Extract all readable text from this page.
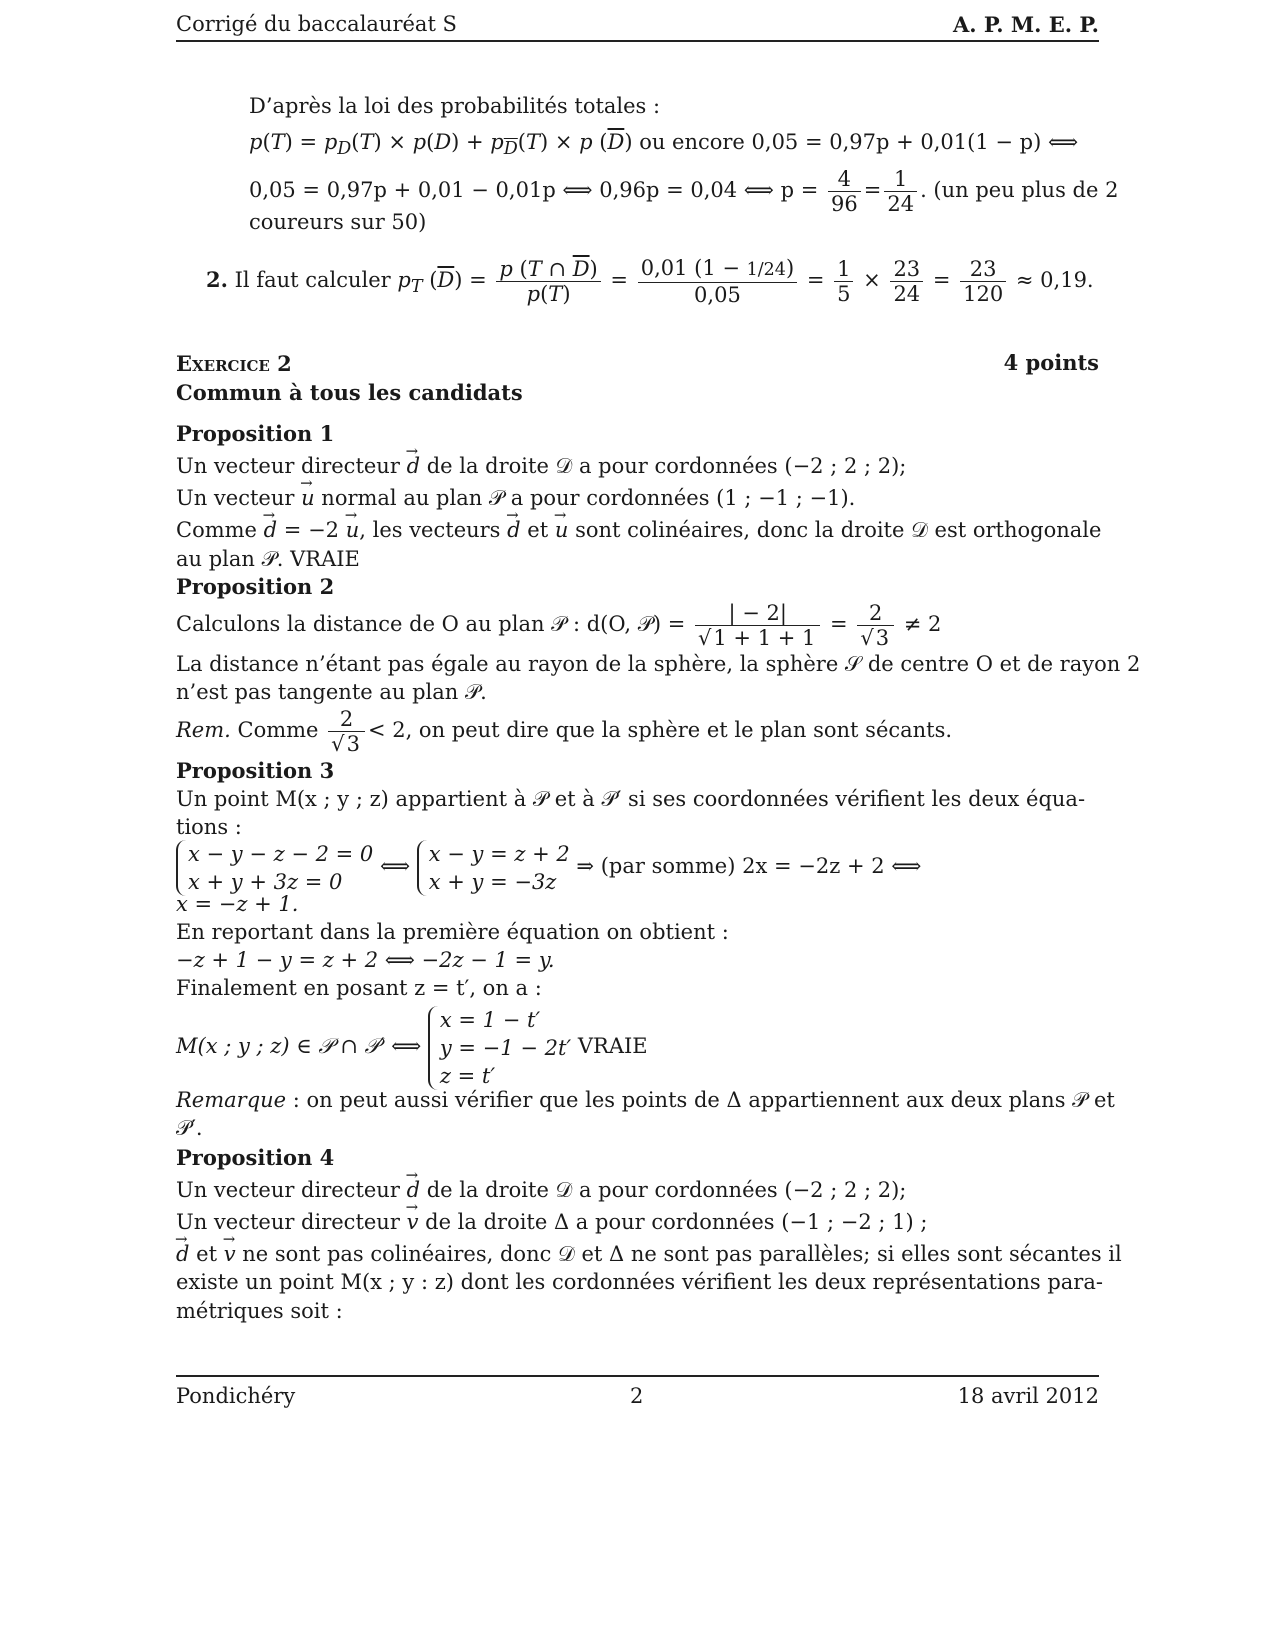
Corrigé du baccalauréat S	A. P. M. E. P.
D’après la loi des probabilités totales :
$p(T) = p_D(T) \times p(D) + p_{\overline{D}}(T) \times p$ $(\overline{D})$ ou encore 0,05 = 0,97p + 0,01(1 − p) ⟺
0,05 = 0,97p + 0,01 − 0,01p ⟺ 0,96p = 0,04 ⟺ $p = \frac{4}{96} = \frac{1}{24}$ . (un peu plus de 2
coureurs sur 50)
2. Il faut calculer $p_T$ $(\overline{D}) = \frac{p (T \cap \overline{D})}{p(T)} = \frac{0,01 (1 - 1/24)}{0,05} = \frac{1}{5} \times \frac{23}{24} = \frac{23}{120} \approx 0,19$.
Exercice 2	4 points
Commun à tous les candidats
Proposition 1
Un vecteur directeur → d de la droite 𝒟 a pour cordonnées (−2 ; 2 ; 2);
Un vecteur → u normal au plan 𝒫 a pour cordonnées (1 ; −1 ; −1).
Comme → d = −2 → u, les vecteurs → d et → u sont colinéaires, donc la droite 𝒟 est orthogonale
au plan 𝒫. VRAIE
Proposition 2
Calculons la distance de O au plan 𝒫 : d(O, 𝒫) = $\frac{| - 2|}{√1 + 1 + 1} = \frac{2}{√3} \ne 2$
La distance n’étant pas égale au rayon de la sphère, la sphère 𝒮 de centre O et de rayon 2
n’est pas tangente au plan 𝒫.
Rem. Comme $\frac{2}{√3} < 2$, on peut dire que la sphère et le plan sont sécants.
Proposition 3
Un point M(x ; y ; z) appartient à 𝒫 et à 𝒫′ si ses coordonnées vérifient les deux équa-
tions :
x − y − z − 2 = 0
x + y + 3z = 0
⟺
x − y = z + 2
x + y = −3z
⇒ (par somme) 2x = −2z + 2 ⟺
x = −z + 1.
En reportant dans la première équation on obtient :
−z + 1 − y = z + 2 ⟺ −2z − 1 = y.
Finalement en posant z = t′, on a :
M(x ; y ; z) ∈ 𝒫 ∩ 𝒫′ ⟺
x = 1 − t′
y = −1 − 2t′
z = t′
VRAIE
Remarque : on peut aussi vérifier que les points de Δ appartiennent aux deux plans 𝒫 et
𝒫′.
Proposition 4
Un vecteur directeur → d de la droite 𝒟 a pour cordonnées (−2 ; 2 ; 2);
Un vecteur directeur → v de la droite Δ a pour cordonnées (−1 ; −2 ; 1) ;
→ d et → v ne sont pas colinéaires, donc 𝒟 et Δ ne sont pas parallèles; si elles sont sécantes il
existe un point M(x ; y : z) dont les cordonnées vérifient les deux représentations para-
métriques soit :
Pondichéry	2	18 avril 2012
